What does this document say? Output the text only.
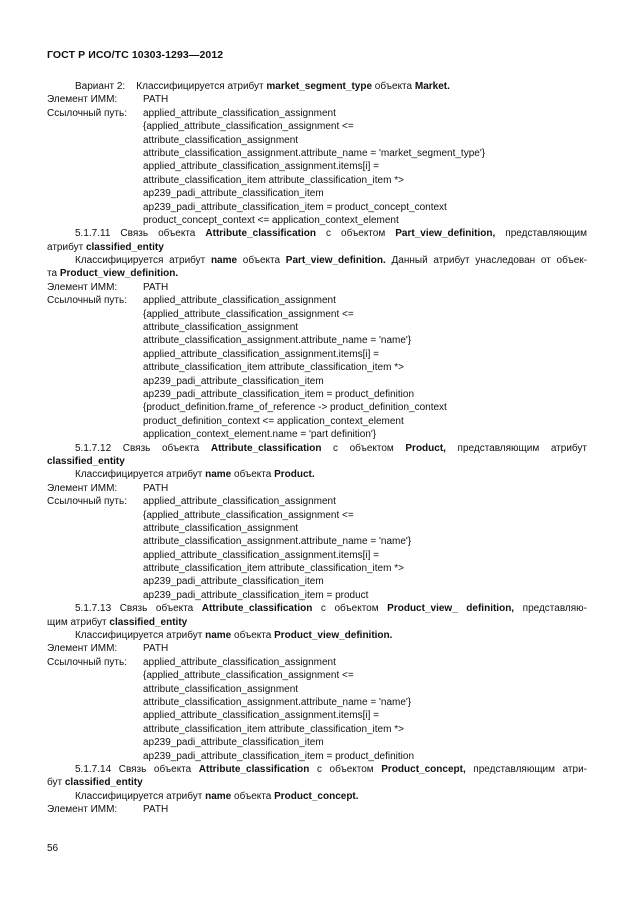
ГОСТ Р ИСО/ТС 10303-1293—2012
Вариант 2: Классифицируется атрибут market_segment_type объекта Market.
Элемент ИММ:	PATH
Ссылочный путь: applied_attribute_classification_assignment
{applied_attribute_classification_assignment <=
attribute_classification_assignment
attribute_classification_assignment.attribute_name = 'market_segment_type'}
applied_attribute_classification_assignment.items[i] =
attribute_classification_item attribute_classification_item *>
ap239_padi_attribute_classification_item
ap239_padi_attribute_classification_item = product_concept_context
product_concept_context <= application_context_element
5.1.7.11 Связь объекта Attribute_classification с объектом Part_view_definition, представляющим
атрибут classified_entity
Классифицируется атрибут name объекта Part_view_definition. Данный атрибут унаследован от объек-
та Product_view_definition.
Элемент ИММ:	PATH
Ссылочный путь: applied_attribute_classification_assignment
{applied_attribute_classification_assignment <=
attribute_classification_assignment
attribute_classification_assignment.attribute_name = 'name'}
applied_attribute_classification_assignment.items[i] =
attribute_classification_item attribute_classification_item *>
ap239_padi_attribute_classification_item
ap239_padi_attribute_classification_item = product_definition
{product_definition.frame_of_reference -> product_definition_context
product_definition_context <= application_context_element
application_context_element.name = 'part definition'}
5.1.7.12 Связь объекта Attribute_classification с объектом Product, представляющим атрибут
classified_entity
Классифицируется атрибут name объекта Product.
Элемент ИММ:	PATH
Ссылочный путь: applied_attribute_classification_assignment
{applied_attribute_classification_assignment <=
attribute_classification_assignment
attribute_classification_assignment.attribute_name = 'name'}
applied_attribute_classification_assignment.items[i] =
attribute_classification_item attribute_classification_item *>
ap239_padi_attribute_classification_item
ap239_padi_attribute_classification_item = product
5.1.7.13 Связь объекта Attribute_classification с объектом Product_view_ definition, представляю-
щим атрибут classified_entity
Классифицируется атрибут name объекта Product_view_definition.
Элемент ИММ:	PATH
Ссылочный путь: applied_attribute_classification_assignment
{applied_attribute_classification_assignment <=
attribute_classification_assignment
attribute_classification_assignment.attribute_name = 'name'}
applied_attribute_classification_assignment.items[i] =
attribute_classification_item attribute_classification_item *>
ap239_padi_attribute_classification_item
ap239_padi_attribute_classification_item = product_definition
5.1.7.14 Связь объекта Attribute_classification с объектом Product_concept, представляющим атри-
бут classified_entity
Классифицируется атрибут name объекта Product_concept.
Элемент ИММ:	PATH
56
